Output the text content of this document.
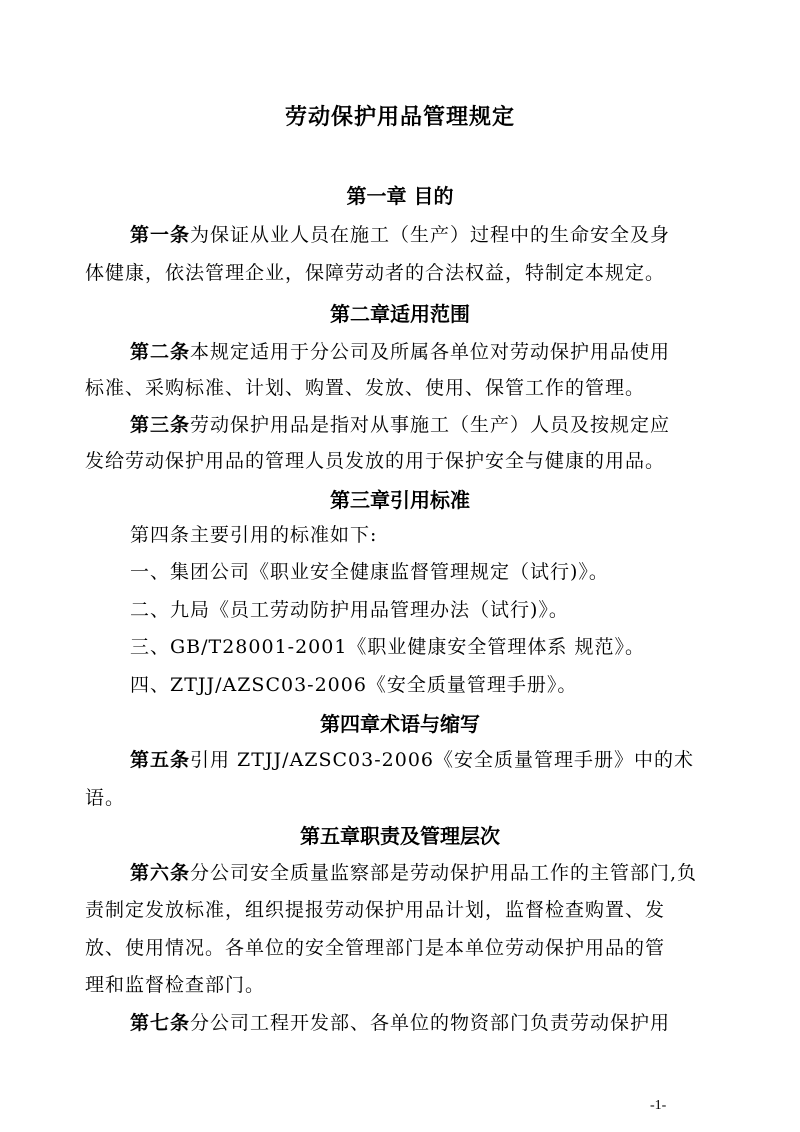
劳动保护用品管理规定
第一章 目的
第一条为保证从业人员在施工（生产）过程中的生命安全及身
体健康，依法管理企业，保障劳动者的合法权益，特制定本规定。
第二章适用范围
第二条本规定适用于分公司及所属各单位对劳动保护用品使用
标准、采购标准、计划、购置、发放、使用、保管工作的管理。
第三条劳动保护用品是指对从事施工（生产）人员及按规定应
发给劳动保护用品的管理人员发放的用于保护安全与健康的用品。
第三章引用标准
第四条主要引用的标准如下:
一、集团公司《职业安全健康监督管理规定（试行)》。
二、九局《员工劳动防护用品管理办法（试行)》。
三、GB/T28001-2001《职业健康安全管理体系 规范》。
四、ZTJJ/AZSC03-2006《安全质量管理手册》。
第四章术语与缩写
第五条引用 ZTJJ/AZSC03-2006《安全质量管理手册》中的术
语。
第五章职责及管理层次
第六条分公司安全质量监察部是劳动保护用品工作的主管部门,负
责制定发放标准，组织提报劳动保护用品计划，监督检查购置、发
放、使用情况。各单位的安全管理部门是本单位劳动保护用品的管
理和监督检查部门。
第七条分公司工程开发部、各单位的物资部门负责劳动保护用
-1-
